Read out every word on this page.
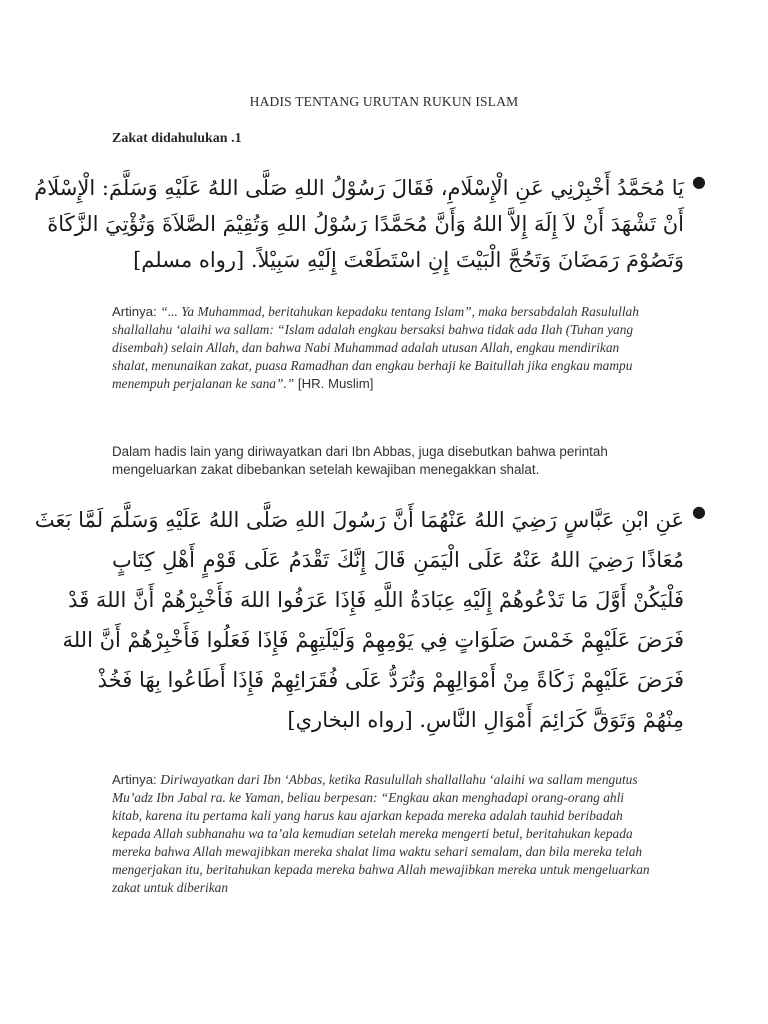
HADIS TENTANG URUTAN RUKUN ISLAM
Zakat didahulukan .1
●
يَا مُحَمَّدُ أَخْبِرْنِي عَنِ الْإِسْلَامِ، فَقَالَ رَسُوْلُ اللهِ صَلَّى اللهُ عَلَيْهِ وَسَلَّمَ: الْإِسْلَامُ
أَنْ تَشْهَدَ أَنْ لاَ إِلَهَ إِلاَّ اللهُ وَأَنَّ مُحَمَّدًا رَسُوْلُ اللهِ وَتُقِيْمَ الصَّلاَةَ وَتُؤْتِيَ الزَّكَاةَ
وَتَصُوْمَ رَمَضَانَ وَتَحُجَّ الْبَيْتَ إِنِ اسْتَطَعْتَ إِلَيْهِ سَبِيْلاً. [رواه مسلم]
Artinya: “... Ya Muhammad, beritahukan kepadaku tentang Islam”, maka bersabdalah Rasulullah shallallahu ‘alaihi wa sallam: “Islam adalah engkau bersaksi bahwa tidak ada Ilah (Tuhan yang disembah) selain Allah, dan bahwa Nabi Muhammad adalah utusan Allah, engkau mendirikan shalat, menunaikan zakat, puasa Ramadhan dan engkau berhaji ke Baitullah jika engkau mampu menempuh perjalanan ke sana”.” [HR. Muslim]
Dalam hadis lain yang diriwayatkan dari Ibn Abbas, juga disebutkan bahwa perintah mengeluarkan zakat dibebankan setelah kewajiban menegakkan shalat.
●
عَنِ ابْنِ عَبَّاسٍ رَضِيَ اللهُ عَنْهُمَا أَنَّ رَسُولَ اللهِ صَلَّى اللهُ عَلَيْهِ وَسَلَّمَ لَمَّا بَعَثَ
مُعَاذًا رَضِيَ اللهُ عَنْهُ عَلَى الْيَمَنِ قَالَ إِنَّكَ تَقْدَمُ عَلَى قَوْمٍ أَهْلِ كِتَابٍ
فَلْيَكُنْ أَوَّلَ مَا تَدْعُوهُمْ إِلَيْهِ عِبَادَةُ اللَّهِ فَإِذَا عَرَفُوا اللهَ فَأَخْبِرْهُمْ أَنَّ اللهَ قَدْ
فَرَضَ عَلَيْهِمْ خَمْسَ صَلَوَاتٍ فِي يَوْمِهِمْ وَلَيْلَتِهِمْ فَإِذَا فَعَلُوا فَأَخْبِرْهُمْ أَنَّ اللهَ
فَرَضَ عَلَيْهِمْ زَكَاةً مِنْ أَمْوَالِهِمْ وَتُرَدُّ عَلَى فُقَرَائِهِمْ فَإِذَا أَطَاعُوا بِهَا فَخُذْ
مِنْهُمْ وَتَوَقَّ كَرَائِمَ أَمْوَالِ النَّاسِ. [رواه البخاري]
Artinya: Diriwayatkan dari Ibn ‘Abbas, ketika Rasulullah shallallahu ‘alaihi wa sallam mengutus Mu’adz Ibn Jabal ra. ke Yaman, beliau berpesan: “Engkau akan menghadapi orang-orang ahli kitab, karena itu pertama kali yang harus kau ajarkan kepada mereka adalah tauhid beribadah kepada Allah subhanahu wa ta’ala kemudian setelah mereka mengerti betul, beritahukan kepada mereka bahwa Allah mewajibkan mereka shalat lima waktu sehari semalam, dan bila mereka telah mengerjakan itu, beritahukan kepada mereka bahwa Allah mewajibkan mereka untuk mengeluarkan zakat untuk diberikan
